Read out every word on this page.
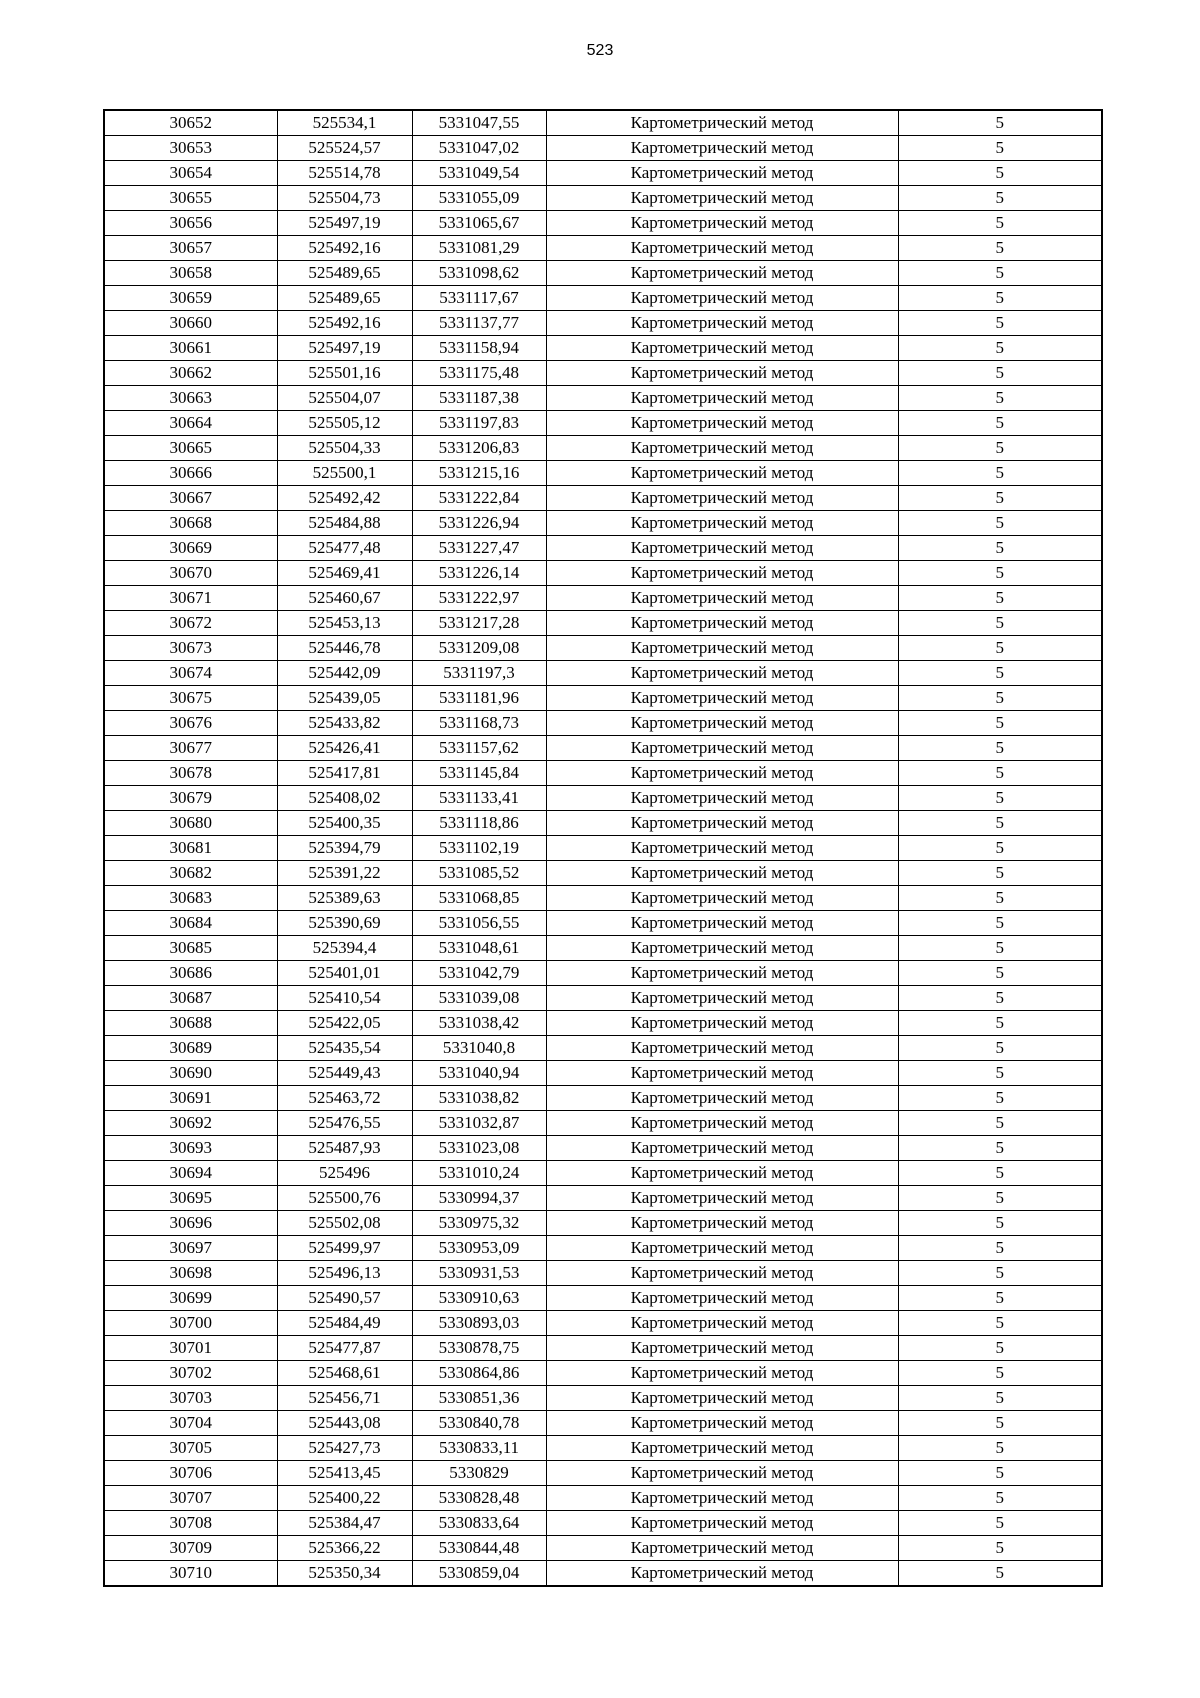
523
30652	525534,1	5331047,55	Картометрический метод	5
30653	525524,57	5331047,02	Картометрический метод	5
30654	525514,78	5331049,54	Картометрический метод	5
30655	525504,73	5331055,09	Картометрический метод	5
30656	525497,19	5331065,67	Картометрический метод	5
30657	525492,16	5331081,29	Картометрический метод	5
30658	525489,65	5331098,62	Картометрический метод	5
30659	525489,65	5331117,67	Картометрический метод	5
30660	525492,16	5331137,77	Картометрический метод	5
30661	525497,19	5331158,94	Картометрический метод	5
30662	525501,16	5331175,48	Картометрический метод	5
30663	525504,07	5331187,38	Картометрический метод	5
30664	525505,12	5331197,83	Картометрический метод	5
30665	525504,33	5331206,83	Картометрический метод	5
30666	525500,1	5331215,16	Картометрический метод	5
30667	525492,42	5331222,84	Картометрический метод	5
30668	525484,88	5331226,94	Картометрический метод	5
30669	525477,48	5331227,47	Картометрический метод	5
30670	525469,41	5331226,14	Картометрический метод	5
30671	525460,67	5331222,97	Картометрический метод	5
30672	525453,13	5331217,28	Картометрический метод	5
30673	525446,78	5331209,08	Картометрический метод	5
30674	525442,09	5331197,3	Картометрический метод	5
30675	525439,05	5331181,96	Картометрический метод	5
30676	525433,82	5331168,73	Картометрический метод	5
30677	525426,41	5331157,62	Картометрический метод	5
30678	525417,81	5331145,84	Картометрический метод	5
30679	525408,02	5331133,41	Картометрический метод	5
30680	525400,35	5331118,86	Картометрический метод	5
30681	525394,79	5331102,19	Картометрический метод	5
30682	525391,22	5331085,52	Картометрический метод	5
30683	525389,63	5331068,85	Картометрический метод	5
30684	525390,69	5331056,55	Картометрический метод	5
30685	525394,4	5331048,61	Картометрический метод	5
30686	525401,01	5331042,79	Картометрический метод	5
30687	525410,54	5331039,08	Картометрический метод	5
30688	525422,05	5331038,42	Картометрический метод	5
30689	525435,54	5331040,8	Картометрический метод	5
30690	525449,43	5331040,94	Картометрический метод	5
30691	525463,72	5331038,82	Картометрический метод	5
30692	525476,55	5331032,87	Картометрический метод	5
30693	525487,93	5331023,08	Картометрический метод	5
30694	525496	5331010,24	Картометрический метод	5
30695	525500,76	5330994,37	Картометрический метод	5
30696	525502,08	5330975,32	Картометрический метод	5
30697	525499,97	5330953,09	Картометрический метод	5
30698	525496,13	5330931,53	Картометрический метод	5
30699	525490,57	5330910,63	Картометрический метод	5
30700	525484,49	5330893,03	Картометрический метод	5
30701	525477,87	5330878,75	Картометрический метод	5
30702	525468,61	5330864,86	Картометрический метод	5
30703	525456,71	5330851,36	Картометрический метод	5
30704	525443,08	5330840,78	Картометрический метод	5
30705	525427,73	5330833,11	Картометрический метод	5
30706	525413,45	5330829	Картометрический метод	5
30707	525400,22	5330828,48	Картометрический метод	5
30708	525384,47	5330833,64	Картометрический метод	5
30709	525366,22	5330844,48	Картометрический метод	5
30710	525350,34	5330859,04	Картометрический метод	5
